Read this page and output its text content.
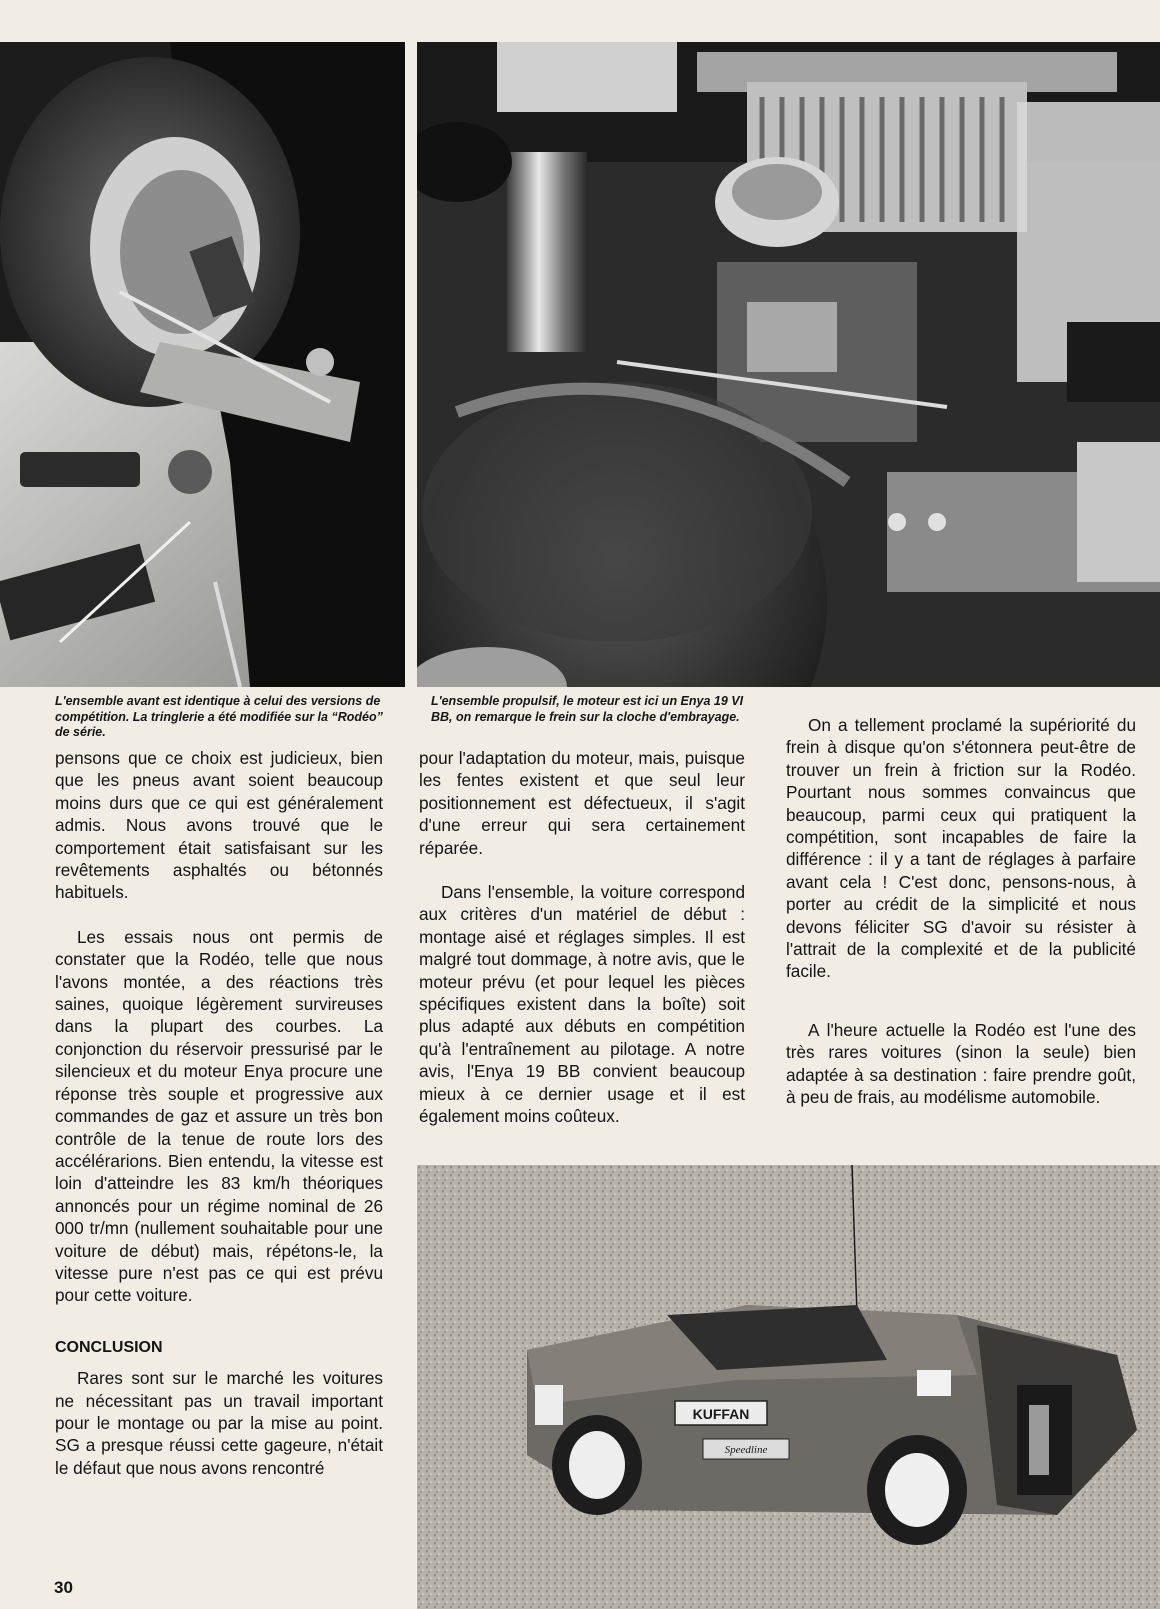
L'ensemble avant est identique à celui des versions de compétition. La tringlerie a été modifiée sur la “Rodéo” de série.
L'ensemble propulsif, le moteur est ici un Enya 19 VI BB, on remarque le frein sur la cloche d'embrayage.

pensons que ce choix est judicieux, bien que les pneus avant soient beaucoup moins durs que ce qui est généralement admis. Nous avons trouvé que le comportement était satisfaisant sur les revêtements asphaltés ou bétonnés habituels.

Les essais nous ont permis de constater que la Rodéo, telle que nous l'avons montée, a des réactions très saines, quoique légèrement survireuses dans la plupart des courbes. La conjonction du réservoir pressurisé par le silencieux et du moteur Enya procure une réponse très souple et progressive aux commandes de gaz et assure un très bon contrôle de la tenue de route lors des accélérarions. Bien entendu, la vitesse est loin d'atteindre les 83 km/h théoriques annoncés pour un régime nominal de 26 000 tr/mn (nullement souhaitable pour une voiture de début) mais, répétons-le, la vitesse pure n'est pas ce qui est prévu pour cette voiture.

CONCLUSION

Rares sont sur le marché les voitures ne nécessitant pas un travail important pour le montage ou par la mise au point. SG a presque réussi cette gageure, n'était le défaut que nous avons rencontré

pour l'adaptation du moteur, mais, puisque les fentes existent et que seul leur positionnement est défectueux, il s'agit d'une erreur qui sera certainement réparée.

Dans l'ensemble, la voiture correspond aux critères d'un matériel de début : montage aisé et réglages simples. Il est malgré tout dommage, à notre avis, que le moteur prévu (et pour lequel les pièces spécifiques existent dans la boîte) soit plus adapté aux débuts en compétition qu'à l'entraînement au pilotage. A notre avis, l'Enya 19 BB convient beaucoup mieux à ce dernier usage et il est également moins coûteux.

On a tellement proclamé la supériorité du frein à disque qu'on s'étonnera peut-être de trouver un frein à friction sur la Rodéo. Pourtant nous sommes convaincus que beaucoup, parmi ceux qui pratiquent la compétition, sont incapables de faire la différence : il y a tant de réglages à parfaire avant cela ! C'est donc, pensons-nous, à porter au crédit de la simplicité et nous devons féliciter SG d'avoir su résister à l'attrait de la complexité et de la publicité facile.

A l'heure actuelle la Rodéo est l'une des très rares voitures (sinon la seule) bien adaptée à sa destination : faire prendre goût, à peu de frais, au modélisme automobile.

KUFFAN
Speedline
30
